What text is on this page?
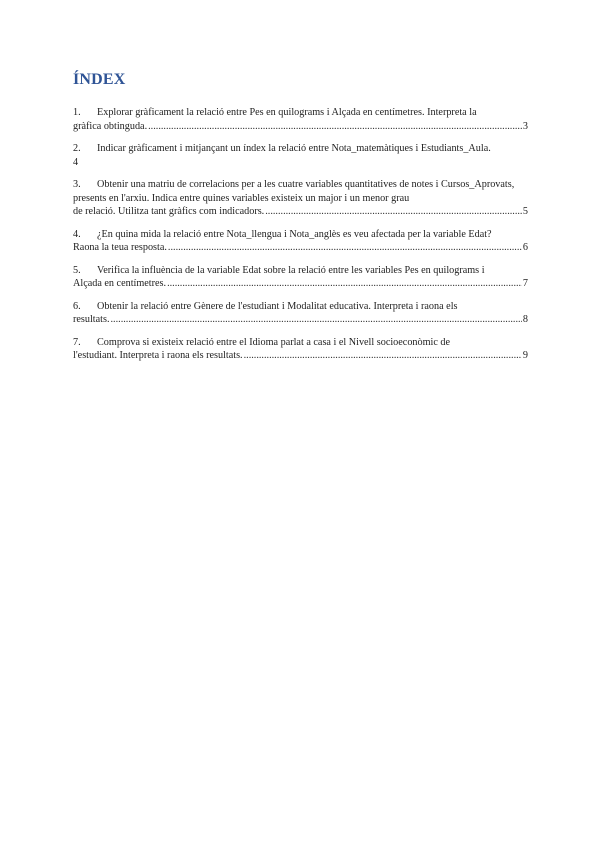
ÍNDEX
1. Explorar gràficament la relació entre Pes en quilograms i Alçada en centímetres. Interpreta la
gràfica obtinguda. .....	3
2. Indicar gràficament i mitjançant un índex la relació entre Nota_matemàtiques i Estudiants_Aula.
4
3. Obtenir una matriu de correlacions per a les cuatre variables quantitatives de notes i Cursos_Aprovats, presents en l'arxiu. Indica entre quines variables existeix un major i un menor grau
de relació. Utilitza tant gràfics com indicadors. .....	5
4. ¿En quina mida la relació entre Nota_llengua i Nota_anglès es veu afectada per la variable Edat?
Raona la teua resposta. .....	6
5. Verifica la influència de la variable Edat sobre la relació entre les variables Pes en quilograms i
Alçada en centímetres. .....	7
6. Obtenir la relació entre Gènere de l'estudiant i Modalitat educativa. Interpreta i raona els
resultats. .....	8
7. Comprova si existeix relació entre el Idioma parlat a casa i el Nivell socioeconòmic de
l'estudiant. Interpreta i raona els resultats. .....	9
